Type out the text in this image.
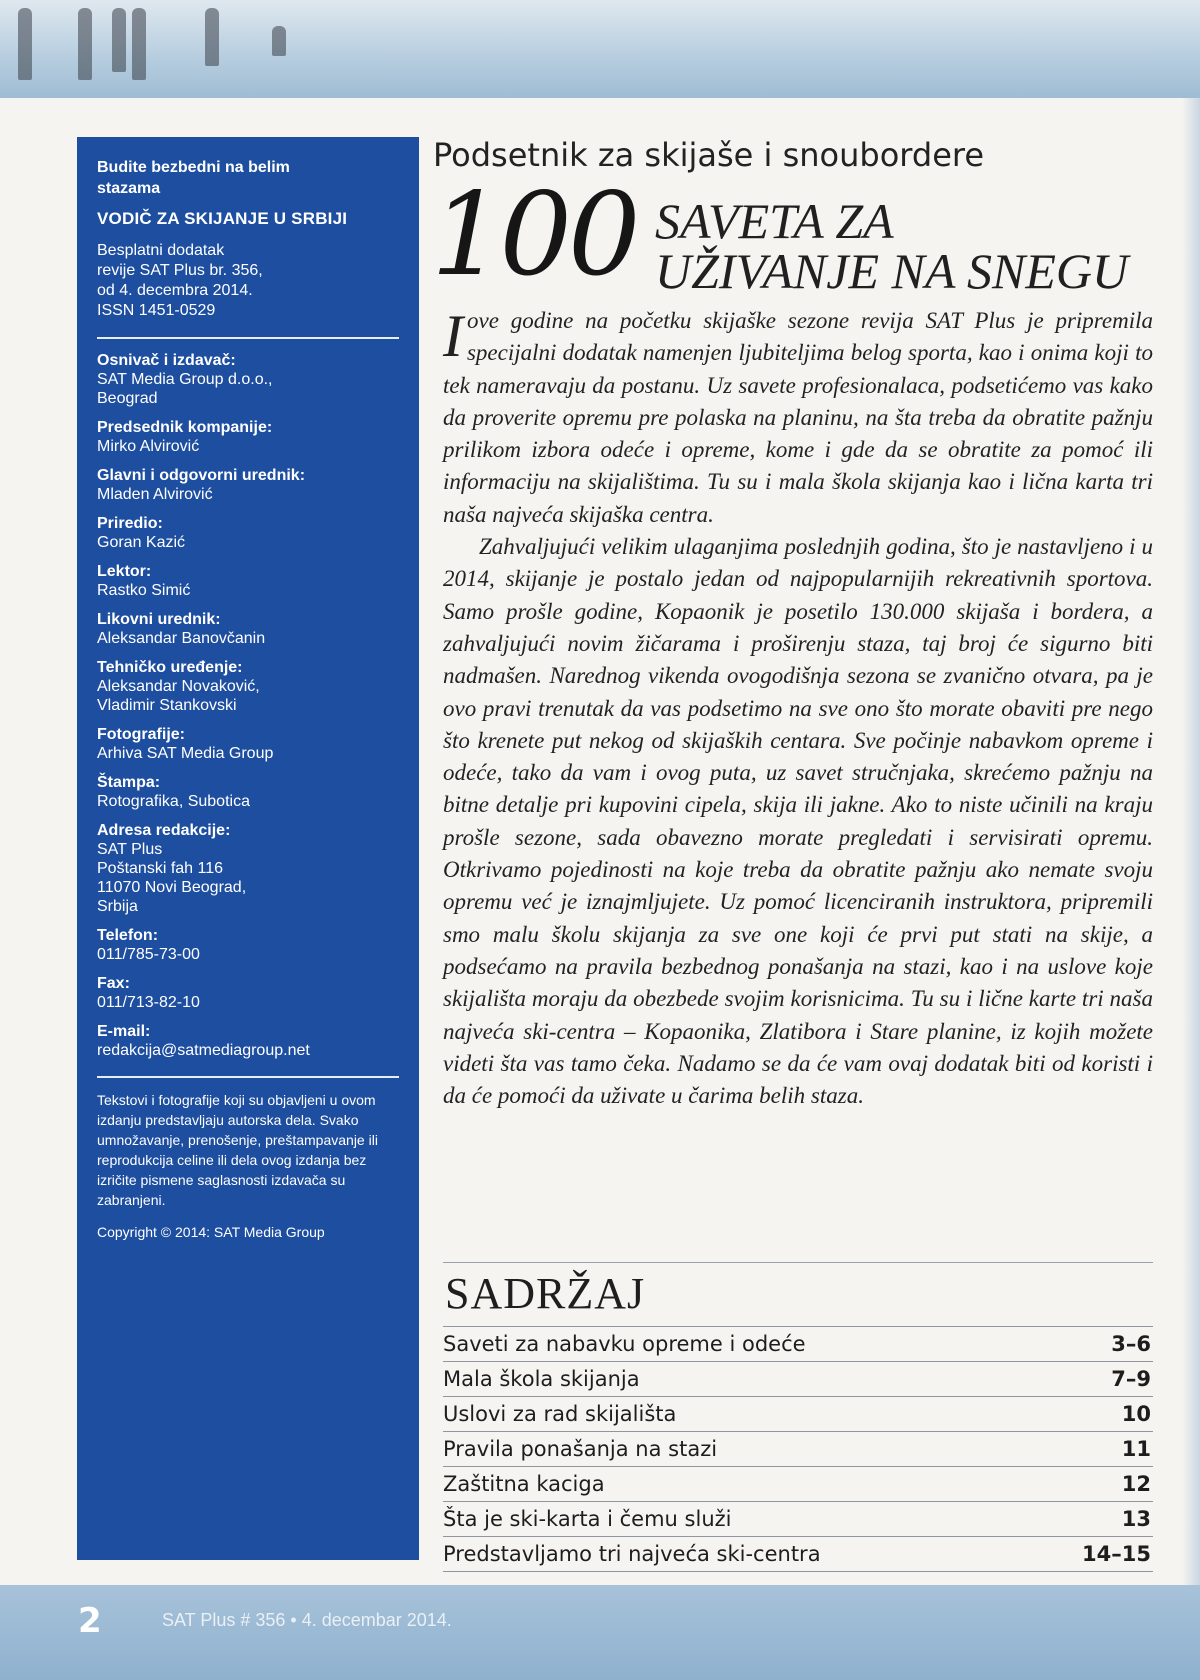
Budite bezbedni na belim stazama
VODIČ ZA SKIJANJE U SRBIJI
Besplatni dodatak
revije SAT Plus br. 356,
od 4. decembra 2014.
ISSN 1451-0529
Osnivač i izdavač:
SAT Media Group d.o.o.,
Beograd
Predsednik kompanije:
Mirko Alvirović
Glavni i odgovorni urednik:
Mladen Alvirović
Priredio:
Goran Kazić
Lektor:
Rastko Simić
Likovni urednik:
Aleksandar Banovčanin
Tehničko uređenje:
Aleksandar Novaković,
Vladimir Stankovski
Fotografije:
Arhiva SAT Media Group
Štampa:
Rotografika, Subotica
Adresa redakcije:
SAT Plus
Poštanski fah 116
11070 Novi Beograd,
Srbija
Telefon:
011/785-73-00
Fax:
011/713-82-10
E-mail:
redakcija@satmediagroup.net
Tekstovi i fotografije koji su objavljeni u ovom izdanju predstavljaju autorska dela. Svako umnožavanje, prenošenje, preštampavanje ili reprodukcija celine ili dela ovog izdanja bez izričite pismene saglasnosti izdavača su zabranjeni.
Copyright © 2014: SAT Media Group
Podsetnik za skijaše i snoubordere
100 SAVETA ZA
UŽIVANJE NA SNEGU

Iove godine na početku skijaške sezone revija SAT Plus je pripremila specijalni dodatak namenjen ljubiteljima belog sporta, kao i onima koji to tek nameravaju da postanu. Uz savete profesionalaca, podsetićemo vas kako da proverite opremu pre polaska na planinu, na šta treba da obratite pažnju prilikom izbora odeće i opreme, kome i gde da se obratite za pomoć ili informaciju na skijalištima. Tu su i mala škola skijanja kao i lična karta tri naša najveća skijaška centra.

Zahvaljujući velikim ulaganjima poslednjih godina, što je nastavljeno i u 2014, skijanje je postalo jedan od najpopularnijih rekreativnih sportova. Samo prošle godine, Kopaonik je posetilo 130.000 skijaša i bordera, a zahvaljujući novim žičarama i proširenju staza, taj broj će sigurno biti nadmašen. Narednog vikenda ovogodišnja sezona se zvanično otvara, pa je ovo pravi trenutak da vas podsetimo na sve ono što morate obaviti pre nego što krenete put nekog od skijaških centara. Sve počinje nabavkom opreme i odeće, tako da vam i ovog puta, uz savet stručnjaka, skrećemo pažnju na bitne detalje pri kupovini cipela, skija ili jakne. Ako to niste učinili na kraju prošle sezone, sada obavezno morate pregledati i servisirati opremu. Otkrivamo pojedinosti na koje treba da obratite pažnju ako nemate svoju opremu već je iznajmljujete. Uz pomoć licenciranih instruktora, pripremili smo malu školu skijanja za sve one koji će prvi put stati na skije, a podsećamo na pravila bezbednog ponašanja na stazi, kao i na uslove koje skijališta moraju da obezbede svojim korisnicima. Tu su i lične karte tri naša najveća ski-centra – Kopaonika, Zlatibora i Stare planine, iz kojih možete videti šta vas tamo čeka. Nadamo se da će vam ovaj dodatak biti od koristi i da će pomoći da uživate u čarima belih staza.

SADRŽAJ
Saveti za nabavku opreme i odeće	3–6
Mala škola skijanja	7–9
Uslovi za rad skijališta	10
Pravila ponašanja na stazi	11
Zaštitna kaciga	12
Šta je ski-karta i čemu služi	13
Predstavljamo tri najveća ski-centra	14–15
2	SAT Plus # 356 • 4. decembar 2014.
